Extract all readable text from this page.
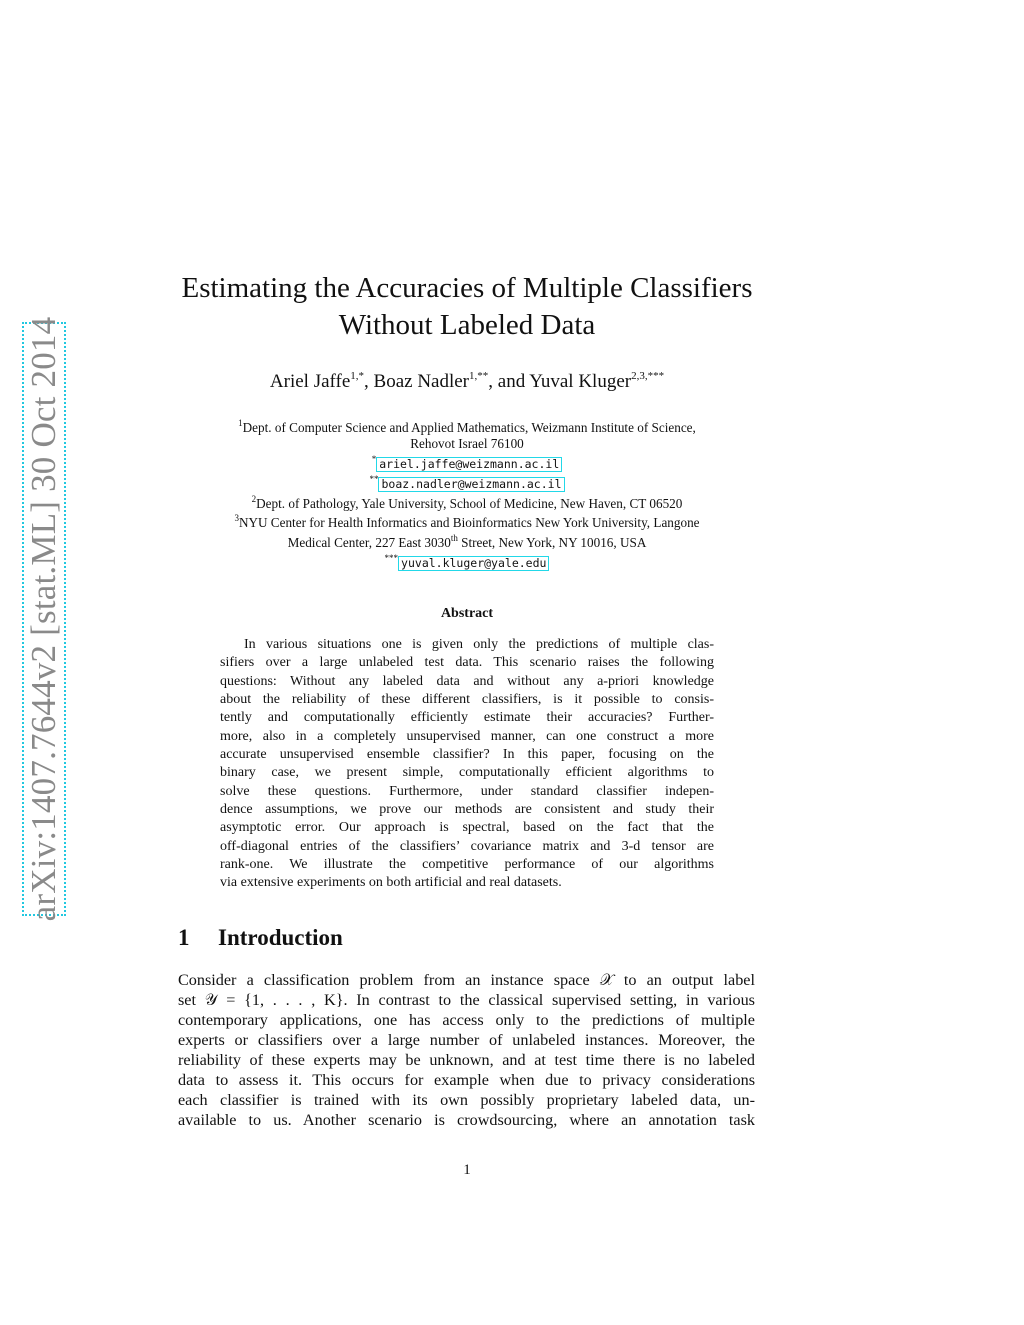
arXiv:1407.7644v2 [stat.ML] 30 Oct 2014
Estimating the Accuracies of Multiple Classifiers
Without Labeled Data
Ariel Jaffe$^{1,*}$, Boaz Nadler$^{1,**}$, and Yuval Kluger$^{2,3,***}$
$^1$Dept. of Computer Science and Applied Mathematics, Weizmann Institute of Science,
Rehovot Israel 76100
* ariel.jaffe@weizmann.ac.il
** boaz.nadler@weizmann.ac.il
$^2$Dept. of Pathology, Yale University, School of Medicine, New Haven, CT 06520
$^3$NYU Center for Health Informatics and Bioinformatics New York University, Langone
Medical Center, 227 East 3030th Street, New York, NY 10016, USA
*** yuval.kluger@yale.edu
Abstract
In various situations one is given only the predictions of multiple clas-
sifiers over a large unlabeled test data. This scenario raises the following
questions: Without any labeled data and without any a-priori knowledge
about the reliability of these different classifiers, is it possible to consis-
tently and computationally efficiently estimate their accuracies? Further-
more, also in a completely unsupervised manner, can one construct a more
accurate unsupervised ensemble classifier? In this paper, focusing on the
binary case, we present simple, computationally efficient algorithms to
solve these questions. Furthermore, under standard classifier indepen-
dence assumptions, we prove our methods are consistent and study their
asymptotic error. Our approach is spectral, based on the fact that the
off-diagonal entries of the classifiers’ covariance matrix and 3-d tensor are
rank-one. We illustrate the competitive performance of our algorithms
via extensive experiments on both artificial and real datasets.
1 Introduction
Consider a classification problem from an instance space 𝒳 to an output label
set 𝒴 = {1, . . . , K}. In contrast to the classical supervised setting, in various
contemporary applications, one has access only to the predictions of multiple
experts or classifiers over a large number of unlabeled instances. Moreover, the
reliability of these experts may be unknown, and at test time there is no labeled
data to assess it. This occurs for example when due to privacy considerations
each classifier is trained with its own possibly proprietary labeled data, un-
available to us. Another scenario is crowdsourcing, where an annotation task
1
